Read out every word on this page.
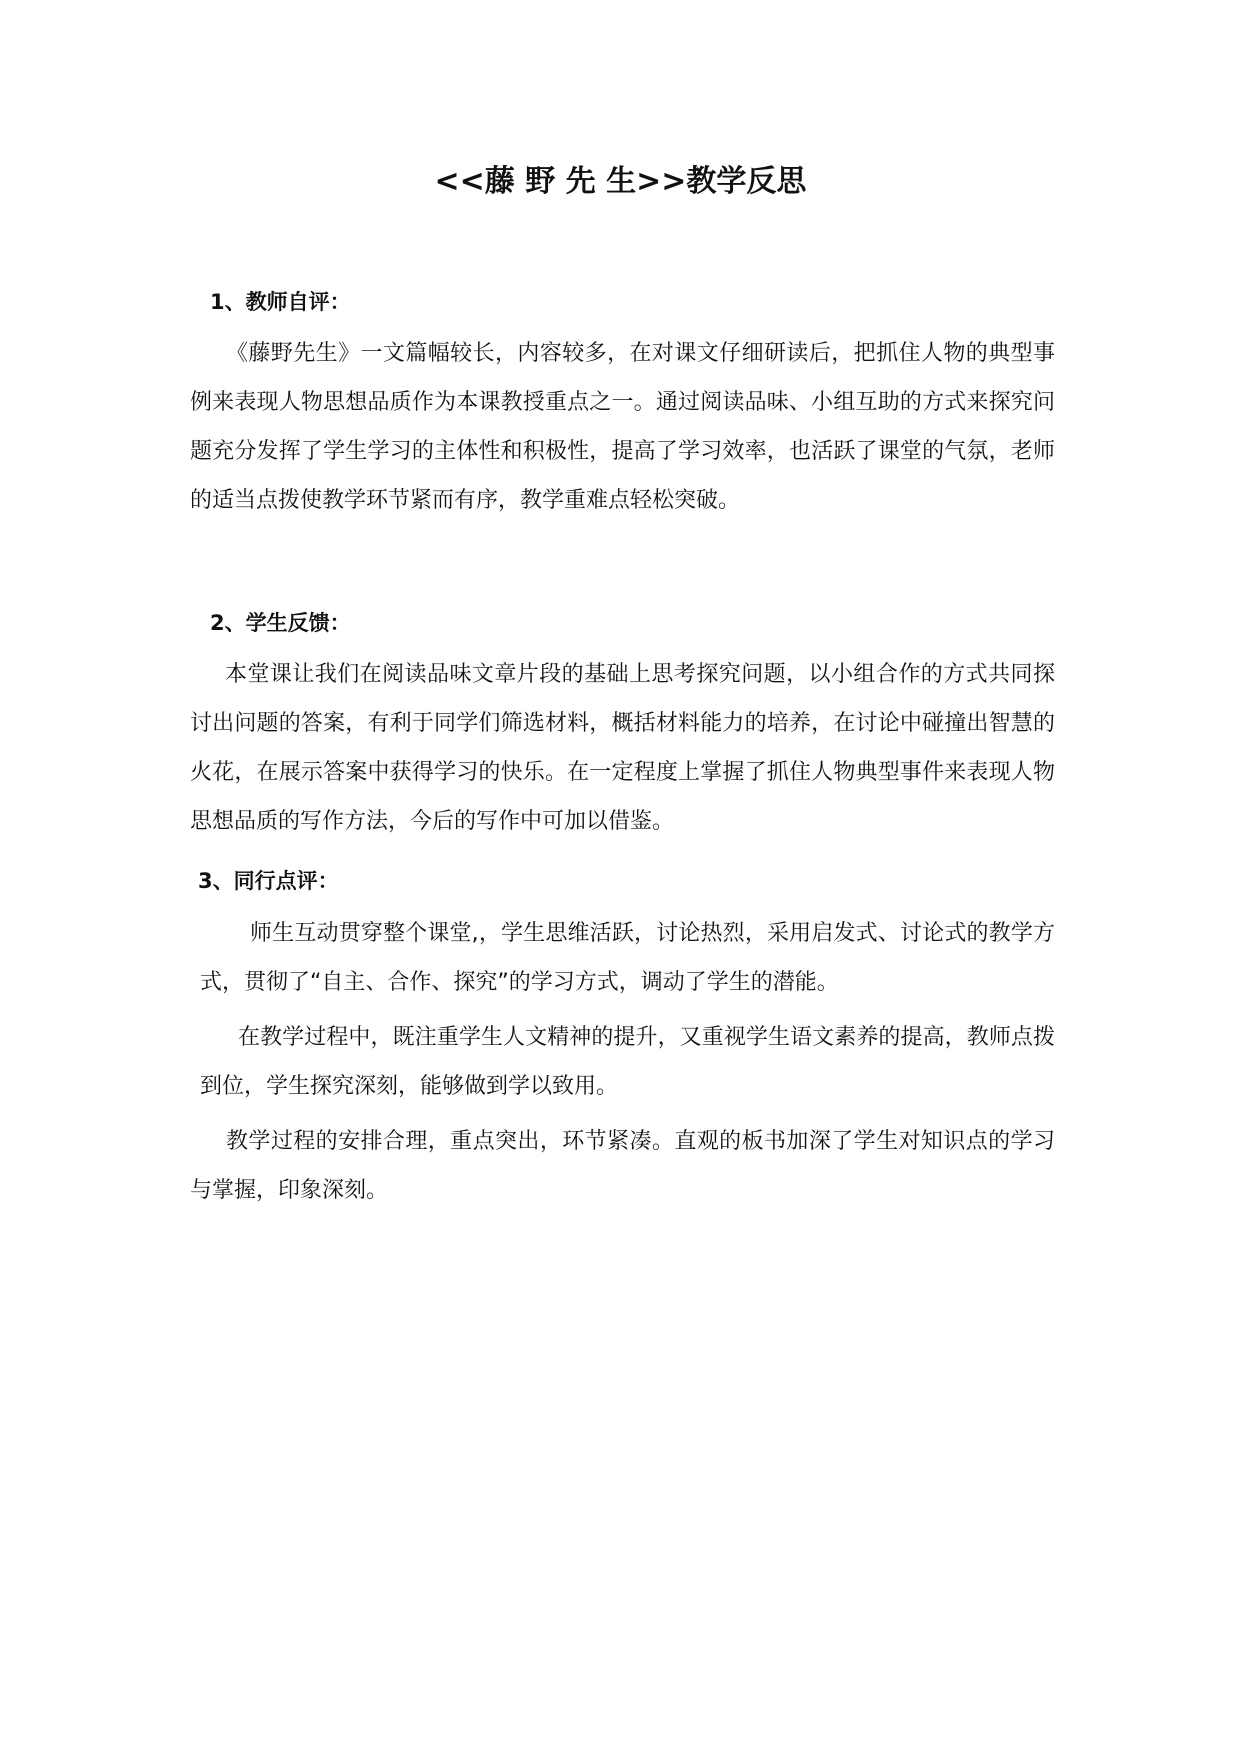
<<藤 野 先 生>>教学反思
1、教师自评：
《藤野先生》一文篇幅较长，内容较多，在对课文仔细研读后，把抓住人物的典型事例来表现人物思想品质作为本课教授重点之一。通过阅读品味、小组互助的方式来探究问题充分发挥了学生学习的主体性和积极性，提高了学习效率，也活跃了课堂的气氛，老师的适当点拨使教学环节紧而有序，教学重难点轻松突破。
2、学生反馈：
本堂课让我们在阅读品味文章片段的基础上思考探究问题，以小组合作的方式共同探讨出问题的答案，有利于同学们筛选材料，概括材料能力的培养，在讨论中碰撞出智慧的火花，在展示答案中获得学习的快乐。在一定程度上掌握了抓住人物典型事件来表现人物思想品质的写作方法，今后的写作中可加以借鉴。
3、同行点评：
师生互动贯穿整个课堂,，学生思维活跃，讨论热烈，采用启发式、讨论式的教学方式，贯彻了“自主、合作、探究”的学习方式，调动了学生的潜能。
在教学过程中，既注重学生人文精神的提升，又重视学生语文素养的提高，教师点拨到位，学生探究深刻，能够做到学以致用。
教学过程的安排合理，重点突出，环节紧凑。直观的板书加深了学生对知识点的学习与掌握，印象深刻。
